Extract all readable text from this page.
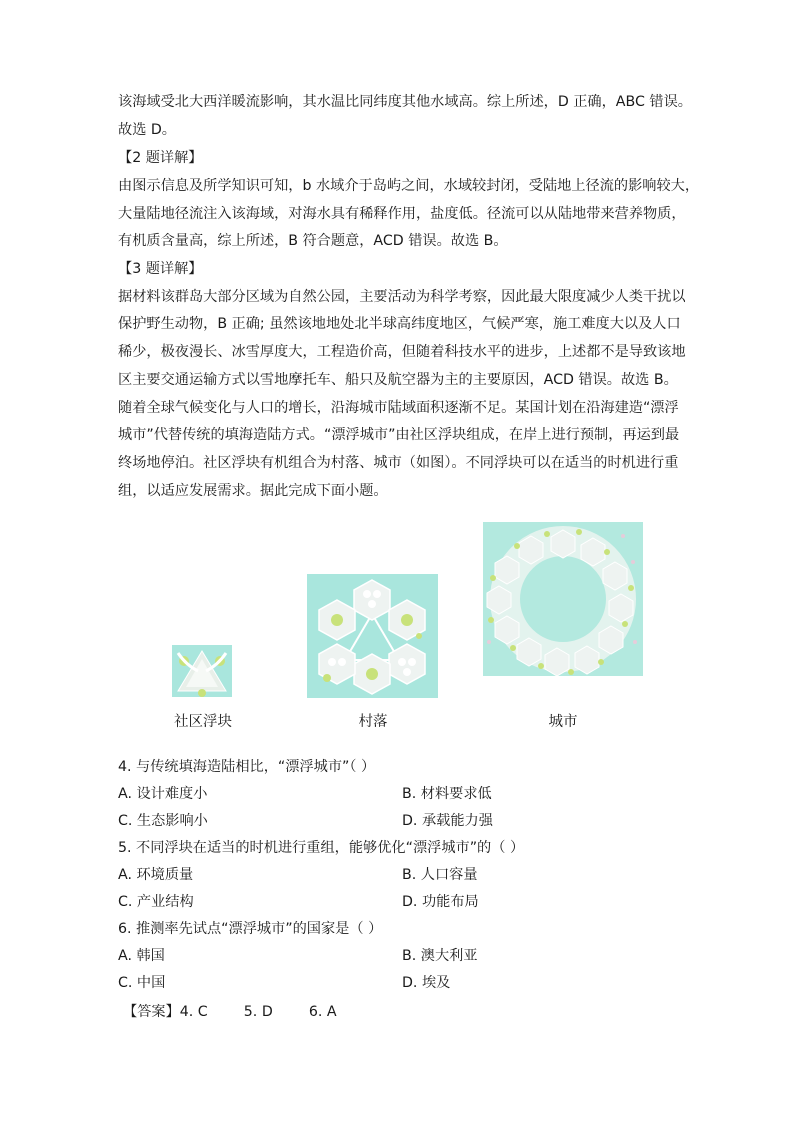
该海域受北大西洋暖流影响，其水温比同纬度其他水域高。综上所述，D 正确，ABC 错误。
故选 D。
【2 题详解】
由图示信息及所学知识可知，b 水域介于岛屿之间，水域较封闭，受陆地上径流的影响较大，
大量陆地径流注入该海域，对海水具有稀释作用，盐度低。径流可以从陆地带来营养物质，
有机质含量高，综上所述，B 符合题意，ACD 错误。故选 B。
【3 题详解】
据材料该群岛大部分区域为自然公园，主要活动为科学考察，因此最大限度减少人类干扰以
保护野生动物，B 正确; 虽然该地地处北半球高纬度地区，气候严寒，施工难度大以及人口
稀少，极夜漫长、冰雪厚度大，工程造价高，但随着科技水平的进步，上述都不是导致该地
区主要交通运输方式以雪地摩托车、船只及航空器为主的主要原因，ACD 错误。故选 B。
随着全球气候变化与人口的增长，沿海城市陆域面积逐渐不足。某国计划在沿海建造“漂浮
城市”代替传统的填海造陆方式。“漂浮城市”由社区浮块组成，在岸上进行预制，再运到最
终场地停泊。社区浮块有机组合为村落、城市（如图）。不同浮块可以在适当的时机进行重
组，以适应发展需求。据此完成下面小题。
社区浮块	村落	城市
4. 与传统填海造陆相比，“漂浮城市”（ ）
A. 设计难度小	B. 材料要求低
C. 生态影响小	D. 承载能力强
5. 不同浮块在适当的时机进行重组，能够优化“漂浮城市”的（ ）
A. 环境质量	B. 人口容量
C. 产业结构	D. 功能布局
6. 推测率先试点“漂浮城市”的国家是（ ）
A. 韩国	B. 澳大利亚
C. 中国	D. 埃及
【答案】4. C        5. D        6. A
